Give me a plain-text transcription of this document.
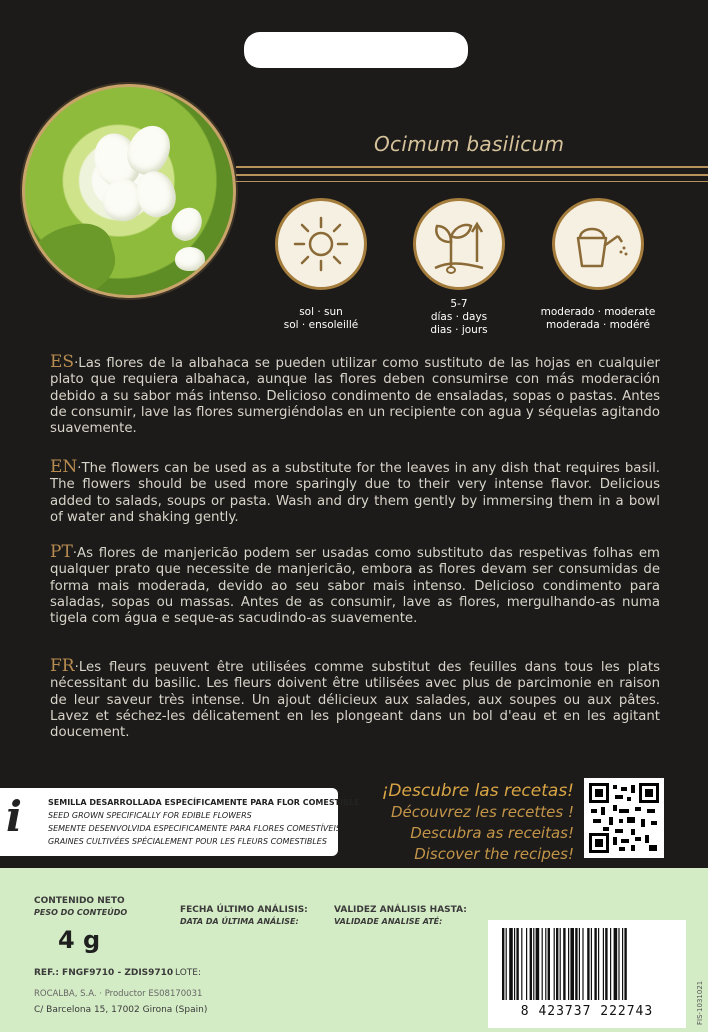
Ocimum basilicum
sol · sun
sol · ensoleillé
5-7
días · days
dias · jours
moderado · moderate
moderada · modéré
ES·Las flores de la albahaca se pueden utilizar como sustituto de las hojas en cualquier plato que requiera albahaca, aunque las flores deben consumirse con más moderación debido a su sabor más intenso. Delicioso condimento de ensaladas, sopas o pastas. Antes de consumir, lave las flores sumergiéndolas en un recipiente con agua y séquelas agitando suavemente.
EN·The flowers can be used as a substitute for the leaves in any dish that requires basil. The flowers should be used more sparingly due to their very intense flavor. Delicious added to salads, soups or pasta. Wash and dry them gently by immersing them in a bowl of water and shaking gently.
PT·As flores de manjericão podem ser usadas como substituto das respetivas folhas em qualquer prato que necessite de manjericão, embora as flores devam ser consumidas de forma mais moderada, devido ao seu sabor mais intenso. Delicioso condimento para saladas, sopas ou massas. Antes de as consumir, lave as flores, mergulhando-as numa tigela com água e seque-as sacudindo-as suavemente.
FR·Les fleurs peuvent être utilisées comme substitut des feuilles dans tous les plats nécessitant du basilic. Les fleurs doivent être utilisées avec plus de parcimonie en raison de leur saveur très intense. Un ajout délicieux aux salades, aux soupes ou aux pâtes. Lavez et séchez-les délicatement en les plongeant dans un bol d'eau et en les agitant doucement.
i	SEMILLA DESARROLLADA ESPECÍFICAMENTE PARA FLOR COMESTIBLE
SEED GROWN SPECIFICALLY FOR EDIBLE FLOWERS
SEMENTE DESENVOLVIDA ESPECIFICAMENTE PARA FLORES COMESTÍVEIS
GRAINES CULTIVÉES SPÉCIALEMENT POUR LES FLEURS COMESTIBLES
¡Descubre las recetas!
Découvrez les recettes !
Descubra as receitas!
Discover the recipes!
CONTENIDO NETO
PESO DO CONTEÚDO
4 g
FECHA ÚLTIMO ANÁLISIS:
DATA DA ÚLTIMA ANÁLISE:
VALIDEZ ANÁLISIS HASTA:
VALIDADE ANALISE ATÉ:
REF.: FNGF9710 - ZDIS9710 LOTE:
ROCALBA, S.A. · Productor ES08170031
C/ Barcelona 15, 17002 Girona (Spain)	8 423737 222743	FIS-1031021
